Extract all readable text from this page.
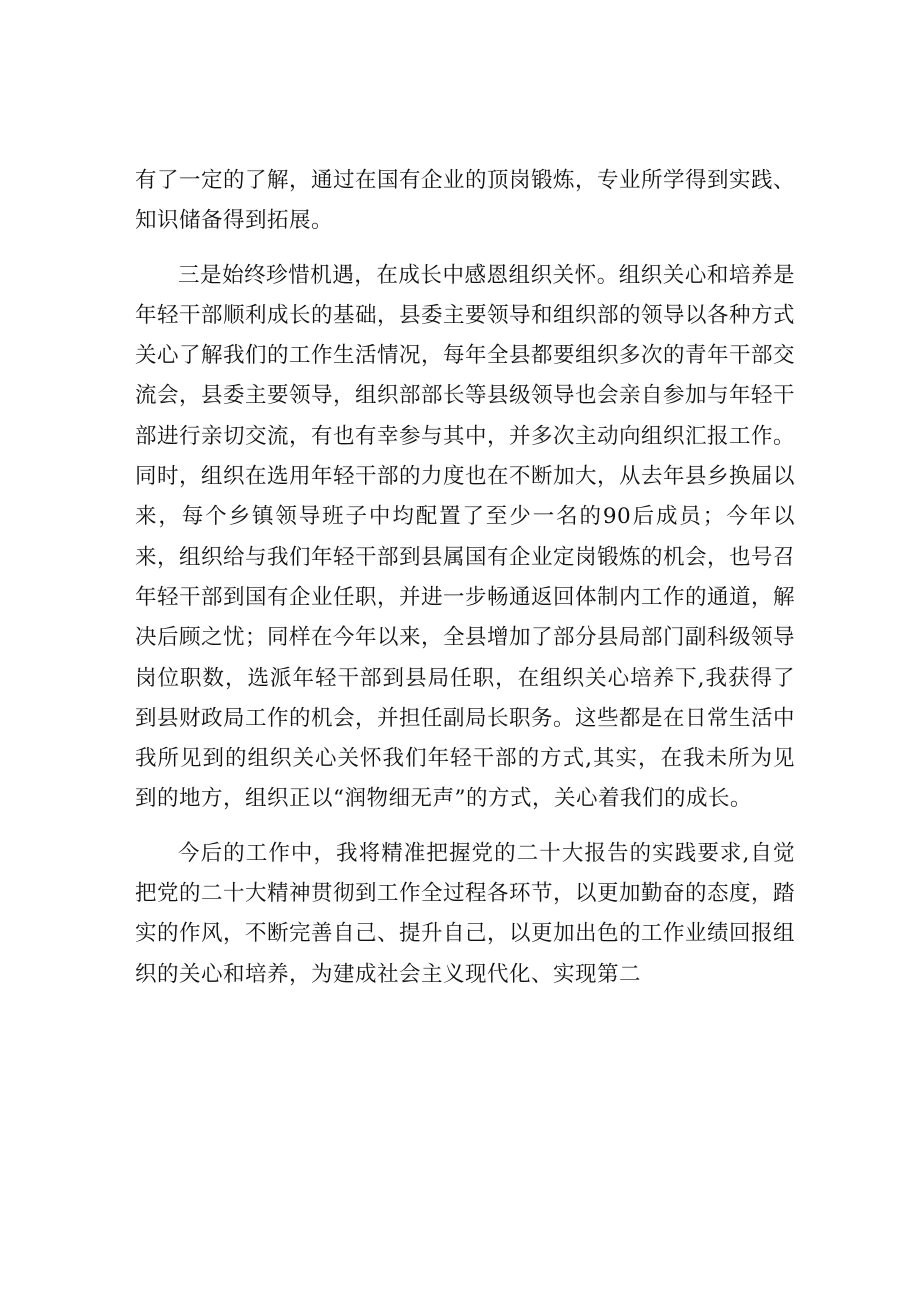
有了一定的了解，通过在国有企业的顶岗锻炼，专业所学得到实践、知识储备得到拓展。

三是始终珍惜机遇，在成长中感恩组织关怀。组织关心和培养是年轻干部顺利成长的基础，县委主要领导和组织部的领导以各种方式关心了解我们的工作生活情况，每年全县都要组织多次的青年干部交流会，县委主要领导，组织部部长等县级领导也会亲自参加与年轻干部进行亲切交流，有也有幸参与其中，并多次主动向组织汇报工作。同时，组织在选用年轻干部的力度也在不断加大，从去年县乡换届以来，每个乡镇领导班子中均配置了至少一名的90后成员；今年以来，组织给与我们年轻干部到县属国有企业定岗锻炼的机会，也号召年轻干部到国有企业任职，并进一步畅通返回体制内工作的通道，解决后顾之忧；同样在今年以来，全县增加了部分县局部门副科级领导岗位职数，选派年轻干部到县局任职，在组织关心培养下,我获得了到县财政局工作的机会，并担任副局长职务。这些都是在日常生活中我所见到的组织关心关怀我们年轻干部的方式,其实，在我未所为见到的地方，组织正以“润物细无声”的方式，关心着我们的成长。

今后的工作中，我将精准把握党的二十大报告的实践要求,自觉把党的二十大精神贯彻到工作全过程各环节，以更加勤奋的态度，踏实的作风，不断完善自己、提升自己，以更加出色的工作业绩回报组织的关心和培养，为建成社会主义现代化、实现第二
